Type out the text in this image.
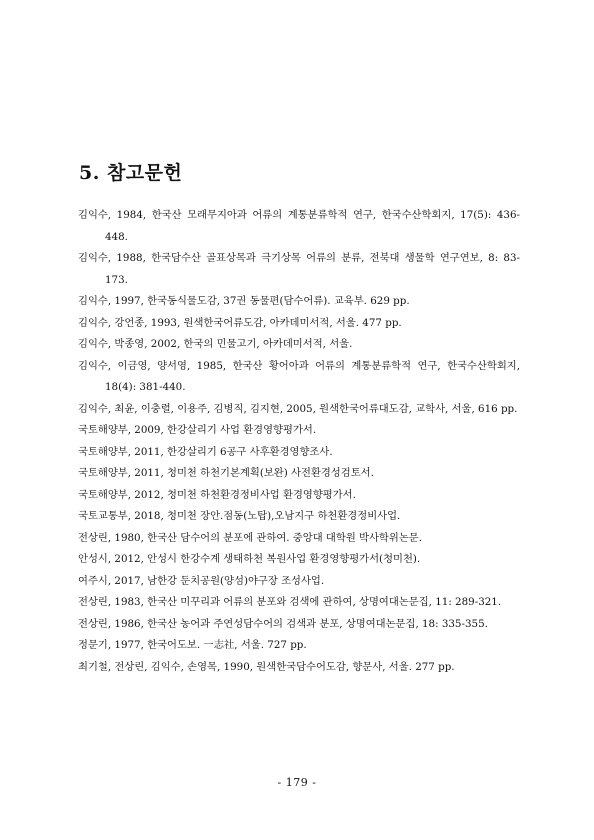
5. 참고문헌

김익수, 1984, 한국산 모래무지아과 어류의 계통분류학적 연구, 한국수산학회지, 17(5): 436-448.

김익수, 1988, 한국담수산 골표상목과 극기상목 어류의 분류, 전북대 생물학 연구연보, 8: 83-173.

김익수, 1997, 한국동식물도감, 37권 동물편(담수어류). 교육부. 629 pp.

김익수, 강언종, 1993, 원색한국어류도감, 아카데미서적, 서울. 477 pp.

김익수, 박종영, 2002, 한국의 민물고기, 아카데미서적, 서울.

김익수, 이금영, 양서영, 1985, 한국산 황어아과 어류의 계통분류학적 연구, 한국수산학회지, 18(4): 381-440.

김익수, 최윤, 이충렬, 이용주, 김병직, 김지현, 2005, 원색한국어류대도감, 교학사, 서울, 616 pp.

국토해양부, 2009, 한강살리기 사업 환경영향평가서.

국토해양부, 2011, 한강살리기 6공구 사후환경영향조사.

국토해양부, 2011, 청미천 하천기본계획(보완) 사전환경성검토서.

국토해양부, 2012, 청미천 하천환경정비사업 환경영향평가서.

국토교통부, 2018, 청미천 장안.점동(노탑),오남지구 하천환경정비사업.

전상린, 1980, 한국산 담수어의 분포에 관하여. 중앙대 대학원 박사학위논문.

안성시, 2012, 안성시 한강수계 생태하천 복원사업 환경영향평가서(청미천).

여주시, 2017, 남한강 둔치공원(양섬)야구장 조성사업.

전상린, 1983, 한국산 미꾸리과 어류의 분포와 검색에 관하여, 상명여대논문집, 11: 289-321.

전상린, 1986, 한국산 농어과 주연성담수어의 검색과 분포, 상명여대논문집, 18: 335-355.

정문기, 1977, 한국어도보. 一志社, 서울. 727 pp.

최기철, 전상린, 김익수, 손영목, 1990, 원색한국담수어도감, 향문사, 서울. 277 pp.

- 179 -
